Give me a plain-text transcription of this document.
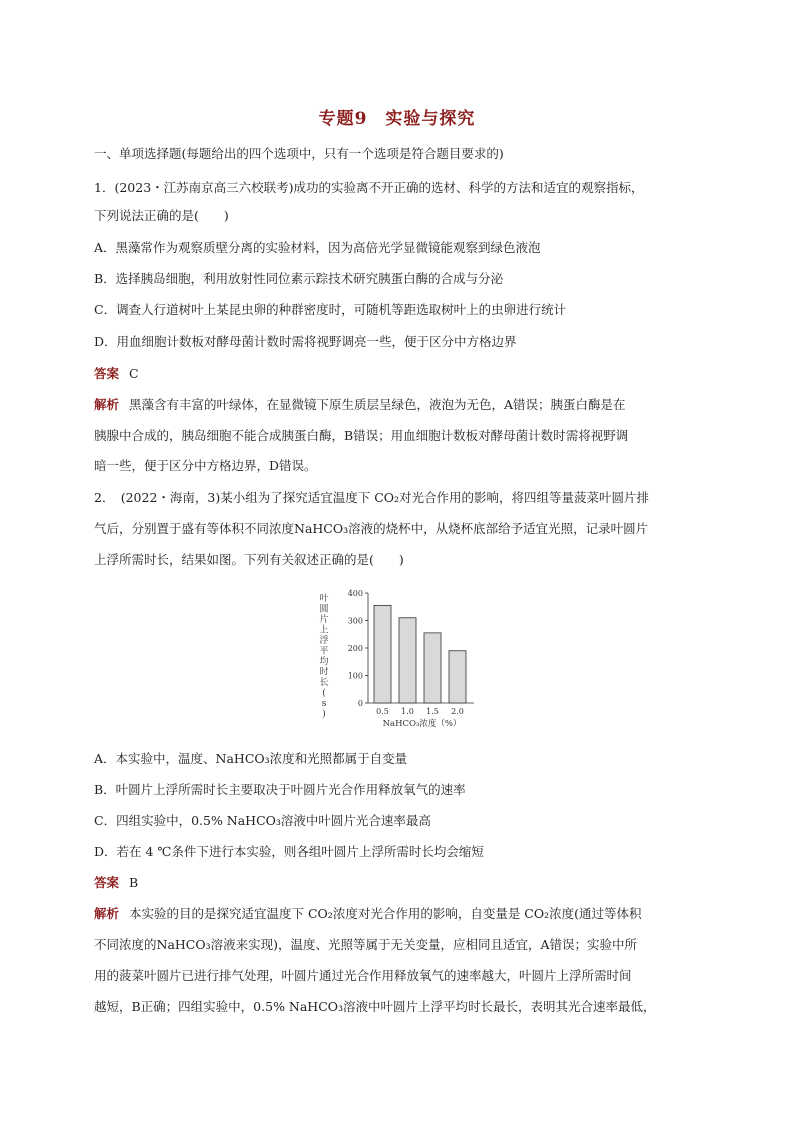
专题9　实验与探究
一、单项选择题(每题给出的四个选项中，只有一个选项是符合题目要求的)
1．(2023・江苏南京高三六校联考)成功的实验离不开正确的选材、科学的方法和适宜的观察指标，
下列说法正确的是(　　)
A．黑藻常作为观察质壁分离的实验材料，因为高倍光学显微镜能观察到绿色液泡
B．选择胰岛细胞，利用放射性同位素示踪技术研究胰蛋白酶的合成与分泌
C．调查人行道树叶上某昆虫卵的种群密度时，可随机等距选取树叶上的虫卵进行统计
D．用血细胞计数板对酵母菌计数时需将视野调亮一些，便于区分中方格边界
答案 C
解析 黑藻含有丰富的叶绿体，在显微镜下原生质层呈绿色，液泡为无色，A错误；胰蛋白酶是在
胰腺中合成的，胰岛细胞不能合成胰蛋白酶，B错误；用血细胞计数板对酵母菌计数时需将视野调
暗一些，便于区分中方格边界，D错误。
2．　(2022・海南，3)某小组为了探究适宜温度下 CO₂对光合作用的影响，将四组等量菠菜叶圆片排
气后，分别置于盛有等体积不同浓度NaHCO₃溶液的烧杯中，从烧杯底部给予适宜光照，记录叶圆片
上浮所需时长，结果如图。下列有关叙述正确的是(　　)
叶
圆
片
上
浮
平
均
时
长
(
s
)
0
100
200
300
400
0.5 1.0 1.5 2.0
NaHCO₃浓度（%）
A．本实验中，温度、NaHCO₃浓度和光照都属于自变量
B．叶圆片上浮所需时长主要取决于叶圆片光合作用释放氧气的速率
C．四组实验中，0.5% NaHCO₃溶液中叶圆片光合速率最高
D．若在 4 ℃条件下进行本实验，则各组叶圆片上浮所需时长均会缩短
答案 B
解析 本实验的目的是探究适宜温度下 CO₂浓度对光合作用的影响，自变量是 CO₂浓度(通过等体积
不同浓度的NaHCO₃溶液来实现)，温度、光照等属于无关变量，应相同且适宜，A错误；实验中所
用的菠菜叶圆片已进行排气处理，叶圆片通过光合作用释放氧气的速率越大，叶圆片上浮所需时间
越短，B正确；四组实验中，0.5% NaHCO₃溶液中叶圆片上浮平均时长最长，表明其光合速率最低，
